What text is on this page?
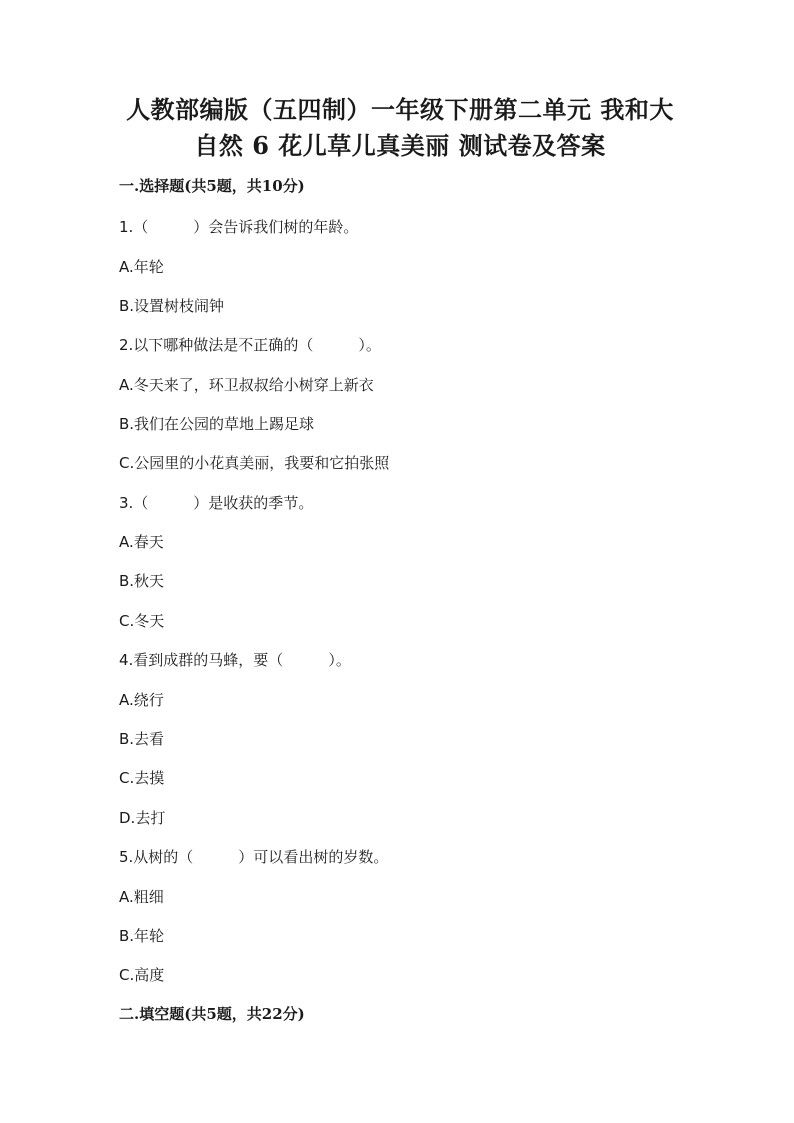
人教部编版（五四制）一年级下册第二单元 我和大
自然 6 花儿草儿真美丽 测试卷及答案
一.选择题(共5题，共10分)
1.（　　　）会告诉我们树的年龄。
A.年轮
B.设置树枝闹钟
2.以下哪种做法是不正确的（　　　）。
A.冬天来了，环卫叔叔给小树穿上新衣
B.我们在公园的草地上踢足球
C.公园里的小花真美丽，我要和它拍张照
3.（　　　）是收获的季节。
A.春天
B.秋天
C.冬天
4.看到成群的马蜂，要（　　　）。
A.绕行
B.去看
C.去摸
D.去打
5.从树的（　　　）可以看出树的岁数。
A.粗细
B.年轮
C.高度
二.填空题(共5题，共22分)
